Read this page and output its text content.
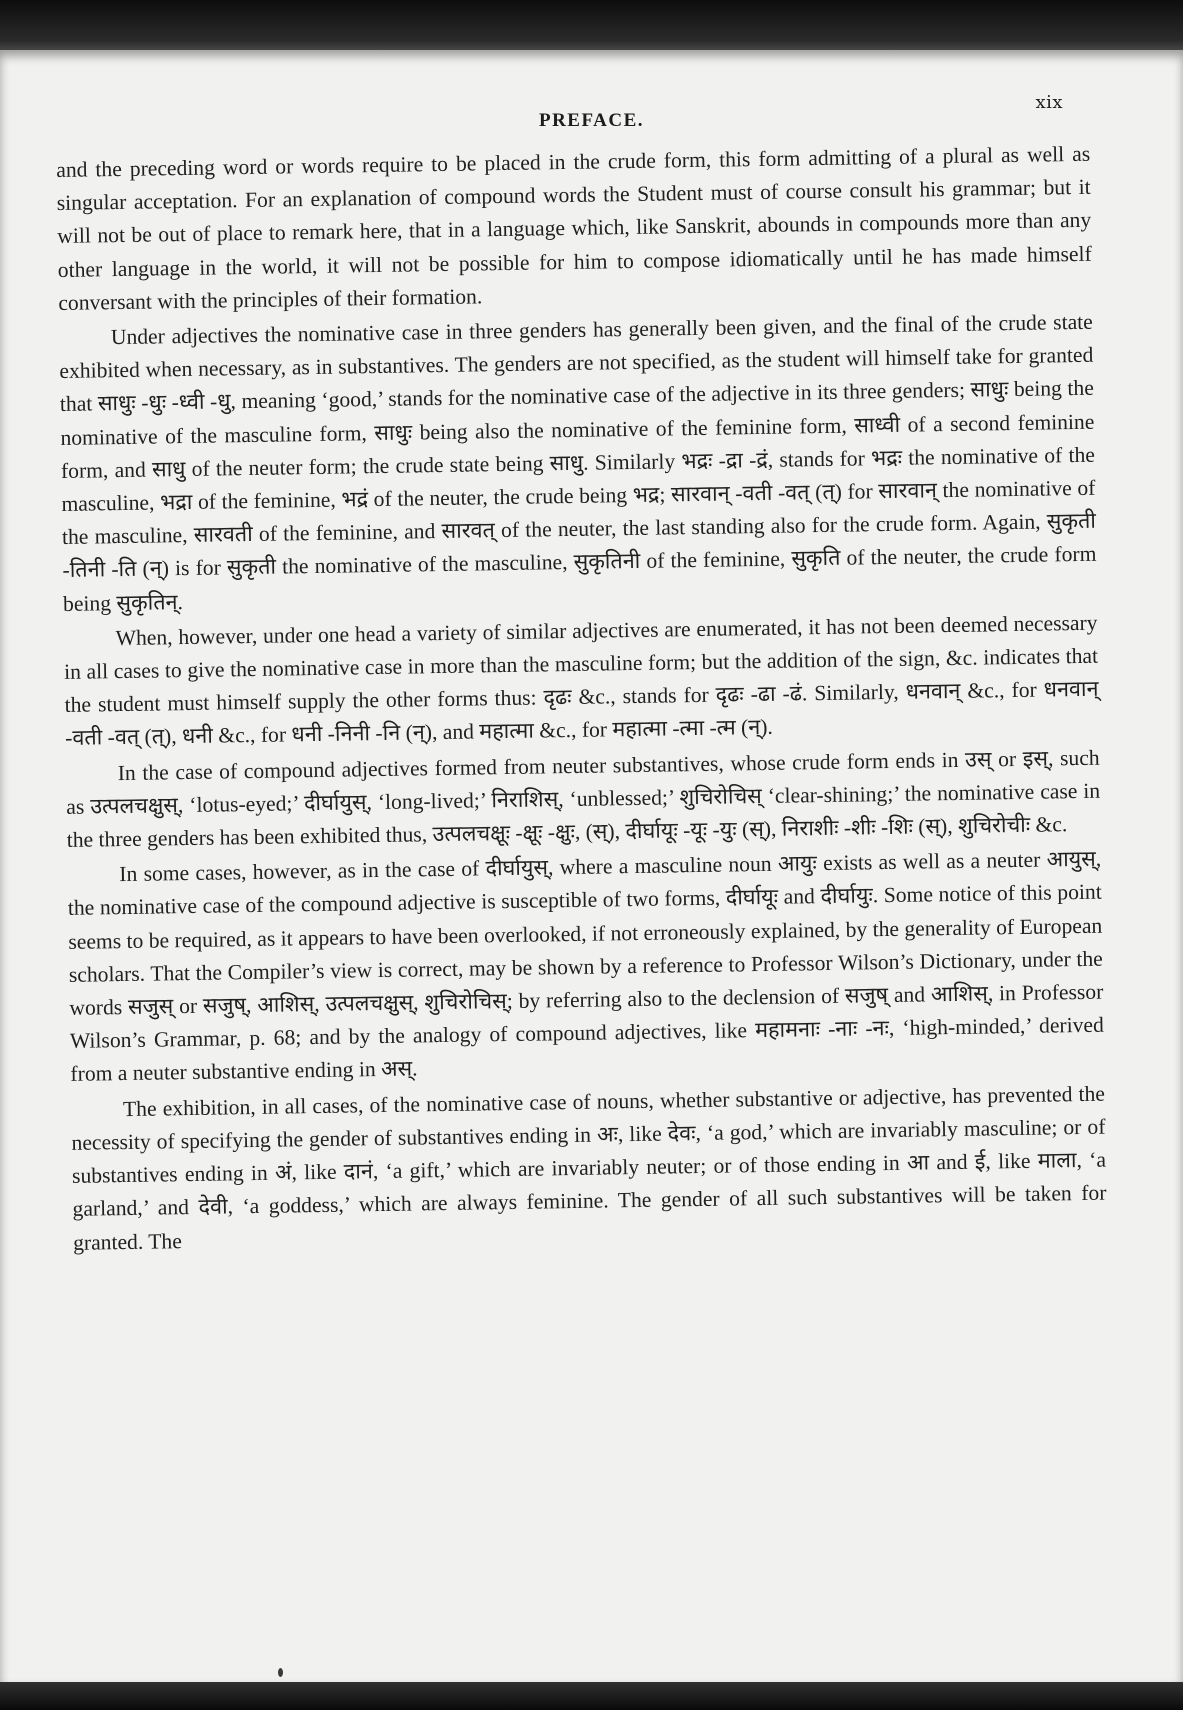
xix
PREFACE.

and the preceding word or words require to be placed in the crude form, this form admitting of a plural as well as singular acceptation. For an explanation of compound words the Student must of course consult his grammar; but it will not be out of place to remark here, that in a language which, like Sanskrit, abounds in compounds more than any other language in the world, it will not be possible for him to compose idiomatically until he has made himself conversant with the principles of their formation.

Under adjectives the nominative case in three genders has generally been given, and the final of the crude state exhibited when necessary, as in substantives. The genders are not specified, as the student will himself take for granted that साधुः -धुः -ध्वी -धु, meaning ‘good,’ stands for the nominative case of the adjective in its three genders; साधुः being the nominative of the masculine form, साधुः being also the nominative of the feminine form, साध्वी of a second feminine form, and साधु of the neuter form; the crude state being साधु. Similarly भद्रः -द्रा -द्रं, stands for भद्रः the nominative of the masculine, भद्रा of the feminine, भद्रं of the neuter, the crude being भद्र; सारवान् -वती -वत् (त्) for सारवान् the nominative of the masculine, सारवती of the feminine, and सारवत् of the neuter, the last standing also for the crude form. Again, सुकृती -तिनी -ति (न्) is for सुकृती the nominative of the masculine, सुकृतिनी of the feminine, सुकृति of the neuter, the crude form being सुकृतिन्.

When, however, under one head a variety of similar adjectives are enumerated, it has not been deemed necessary in all cases to give the nominative case in more than the masculine form; but the addition of the sign, &c. indicates that the student must himself supply the other forms thus: दृढः &c., stands for दृढः -ढा -ढं. Similarly, धनवान् &c., for धनवान् -वती -वत् (त्), धनी &c., for धनी -निनी -नि (न्), and महात्मा &c., for महात्मा -त्मा -त्म (न्).

In the case of compound adjectives formed from neuter substantives, whose crude form ends in उस् or इस्, such as उत्पलचक्षुस्, ‘lotus-eyed;’ दीर्घायुस्, ‘long-lived;’ निराशिस्, ‘unblessed;’ शुचिरोचिस् ‘clear-shining;’ the nominative case in the three genders has been exhibited thus, उत्पलचक्षूः -क्षूः -क्षुः, (स्), दीर्घायूः -यूः -युः (स्), निराशीः -शीः -शिः (स्), शुचिरोचीः &c.

In some cases, however, as in the case of दीर्घायुस्, where a masculine noun आयुः exists as well as a neuter आयुस्, the nominative case of the compound adjective is susceptible of two forms, दीर्घायूः and दीर्घायुः. Some notice of this point seems to be required, as it appears to have been overlooked, if not erroneously explained, by the generality of European scholars. That the Compiler’s view is correct, may be shown by a reference to Professor Wilson’s Dictionary, under the words सजुस् or सजुष्, आशिस्, उत्पलचक्षुस्, शुचिरोचिस्; by referring also to the declension of सजुष् and आशिस्, in Professor Wilson’s Grammar, p. 68; and by the analogy of compound adjectives, like महामनाः -नाः -नः, ‘high-minded,’ derived from a neuter substantive ending in अस्.

The exhibition, in all cases, of the nominative case of nouns, whether substantive or adjective, has prevented the necessity of specifying the gender of substantives ending in अः, like देवः, ‘a god,’ which are invariably masculine; or of substantives ending in अं, like दानं, ‘a gift,’ which are invariably neuter; or of those ending in आ and ई, like माला, ‘a garland,’ and देवी, ‘a goddess,’ which are always feminine. The gender of all such substantives will be taken for granted. The
